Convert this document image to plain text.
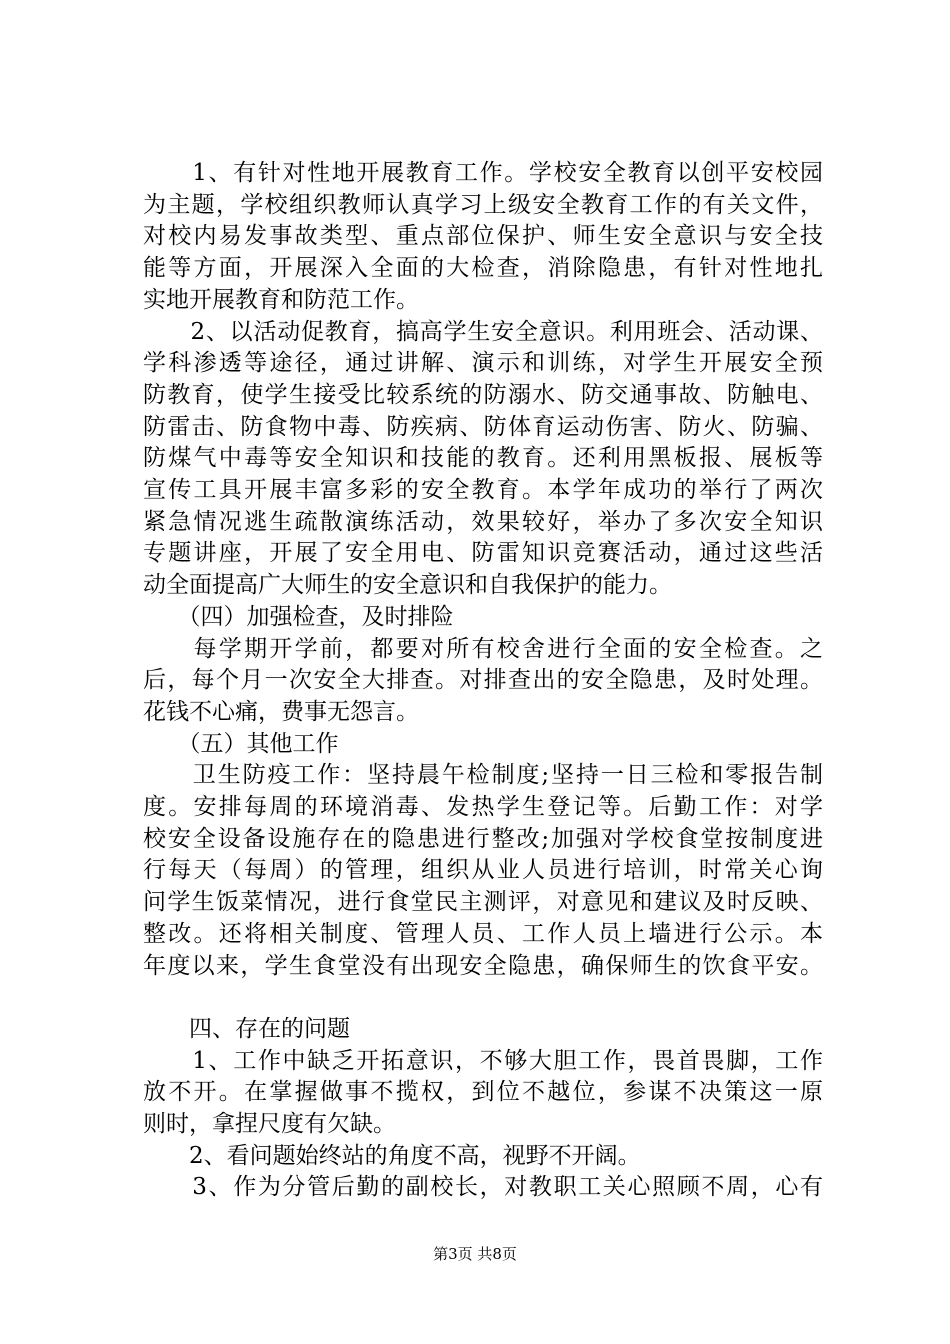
　　1、有针对性地开展教育工作。学校安全教育以创平安校园
为主题，学校组织教师认真学习上级安全教育工作的有关文件，
对校内易发事故类型、重点部位保护、师生安全意识与安全技
能等方面，开展深入全面的大检查，消除隐患，有针对性地扎
实地开展教育和防范工作。
　　2、以活动促教育，搞高学生安全意识。利用班会、活动课、
学科渗透等途径，通过讲解、演示和训练，对学生开展安全预
防教育，使学生接受比较系统的防溺水、防交通事故、防触电、
防雷击、防食物中毒、防疾病、防体育运动伤害、防火、防骗、
防煤气中毒等安全知识和技能的教育。还利用黑板报、展板等
宣传工具开展丰富多彩的安全教育。本学年成功的举行了两次
紧急情况逃生疏散演练活动，效果较好，举办了多次安全知识
专题讲座，开展了安全用电、防雷知识竞赛活动，通过这些活
动全面提高广大师生的安全意识和自我保护的能力。
　　（四）加强检查，及时排险
　　每学期开学前，都要对所有校舍进行全面的安全检查。之
后，每个月一次安全大排查。对排查出的安全隐患，及时处理。
花钱不心痛，费事无怨言。
　　（五）其他工作
　　卫生防疫工作：坚持晨午检制度;坚持一日三检和零报告制
度。安排每周的环境消毒、发热学生登记等。后勤工作：对学
校安全设备设施存在的隐患进行整改;加强对学校食堂按制度进
行每天（每周）的管理，组织从业人员进行培训，时常关心询
问学生饭菜情况，进行食堂民主测评，对意见和建议及时反映、
整改。还将相关制度、管理人员、工作人员上墙进行公示。本
年度以来，学生食堂没有出现安全隐患，确保师生的饮食平安。
　　四、存在的问题
　　1、工作中缺乏开拓意识，不够大胆工作，畏首畏脚，工作
放不开。在掌握做事不揽权，到位不越位，参谋不决策这一原
则时，拿捏尺度有欠缺。
　　2、看问题始终站的角度不高，视野不开阔。
　　3、作为分管后勤的副校长，对教职工关心照顾不周，心有
第3页 共8页
